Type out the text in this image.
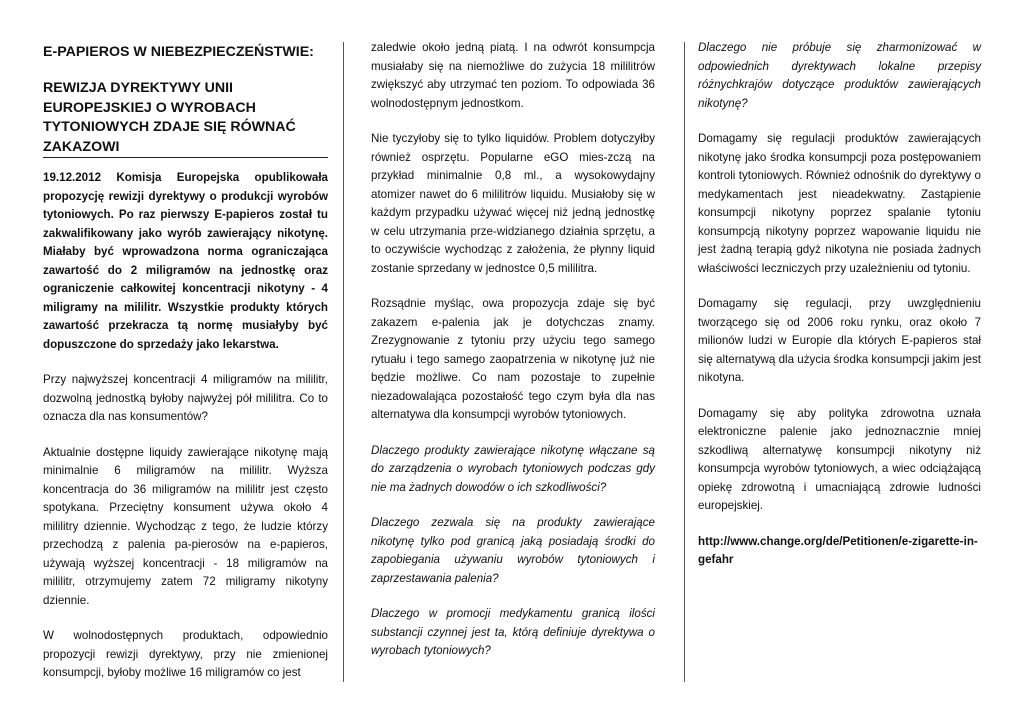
E-PAPIEROS W NIEBEZPIECZEŃSTWIE:
REWIZJA DYREKTYWY UNII EUROPEJSKIEJ O WYROBACH TYTONIOWYCH ZDAJE SIĘ RÓWNAĆ ZAKAZOWI

19.12.2012 Komisja Europejska opublikowała propozycję rewizji dyrektywy o produkcji wyrobów tytoniowych. Po raz pierwszy E-papieros został tu zakwalifikowany jako wyrób zawierający nikotynę. Miałaby być wprowadzona norma ograniczająca zawartość do 2 miligramów na jednostkę oraz ograniczenie całkowitej koncentracji nikotyny - 4 miligramy na mililitr. Wszystkie produkty których zawartość przekracza tą normę musiałyby być dopuszczone do sprzedaży jako lekarstwa.

Przy najwyższej koncentracji 4 miligramów na mililitr, dozwolną jednostką byłoby najwyżej pół mililitra. Co to oznacza dla nas konsumentów?

Aktualnie dostępne liquidy zawierające nikotynę mają minimalnie 6 miligramów na mililitr. Wyższa koncentracja do 36 miligramów na mililitr jest często spotykana. Przeciętny konsument używa około 4 mililitry dziennie. Wychodząc z tego, że ludzie którzy przechodzą z palenia pa-pierosów na e-papieros, używają wyższej koncentracji - 18 miligramów na mililitr, otrzymujemy zatem 72 miligramy nikotyny dziennie.

W wolnodostępnych produktach, odpowiednio propozycji rewizji dyrektywy, przy nie zmienionej konsumpcji, byłoby możliwe 16 miligramów co jest

zaledwie około jedną piatą. I na odwrót konsumpcja musiałaby się na niemożliwe do zużycia 18 mililitrów zwiększyć aby utrzymać ten poziom. To odpowiada 36 wolnodostępnym jednostkom.

Nie tyczyłoby się to tylko liquidów. Problem dotyczyłby również osprzętu. Popularne eGO mies-zczą na przykład minimalnie 0,8 ml., a wysokowydajny atomizer nawet do 6 mililitrów liquidu. Musiałoby się w każdym przypadku używać więcej niż jedną jednostkę w celu utrzymania prze-widzianego działnia sprzętu, a to oczywiście wychodząc z założenia, że płynny liquid zostanie sprzedany w jednostce 0,5 mililitra.

Rozsądnie myśląc, owa propozycja zdaje się być zakazem e-palenia jak je dotychczas znamy. Zrezygnowanie z tytoniu przy użyciu tego samego rytuału i tego samego zaopatrzenia w nikotynę już nie będzie możliwe. Co nam pozostaje to zupełnie niezadowalająca pozostałość tego czym była dla nas alternatywa dla konsumpcji wyrobów tytoniowych.

Dlaczego produkty zawierające nikotynę włączane są do zarządzenia o wyrobach tytoniowych podczas gdy nie ma żadnych dowodów o ich szkodliwości?

Dlaczego zezwala się na produkty zawierające nikotynę tylko pod granicą jaką posiadają środki do zapobiegania używaniu wyrobów tytoniowych i zaprzestawania palenia?

Dlaczego w promocji medykamentu granicą ilości substancji czynnej jest ta, którą definiuje dyrektywa o wyrobach tytoniowych?

Dlaczego nie próbuje się zharmonizować w odpowiednich dyrektywach lokalne przepisy różnychkrajów dotyczące produktów zawierających nikotynę?

Domagamy się regulacji produktów zawierających nikotynę jako środka konsumpcji poza postępowaniem kontroli tytoniowych. Również odnośnik do dyrektywy o medykamentach jest nieadekwatny. Zastąpienie konsumpcji nikotyny poprzez spalanie tytoniu konsumpcją nikotyny poprzez wapowanie liquidu nie jest żadną terapią gdyż nikotyna nie posiada żadnych właściwości leczniczych przy uzależnieniu od tytoniu.

Domagamy się regulacji, przy uwzględnieniu tworzącego się od 2006 roku rynku, oraz około 7 milionów ludzi w Europie dla których E-papieros stał się alternatywą dla użycia środka konsumpcji jakim jest nikotyna.

Domagamy się aby polityka zdrowotna uznała elektroniczne palenie jako jednoznacznie mniej szkodliwą alternatywę konsumpcji nikotyny niż konsumpcja wyrobów tytoniowych, a wiec odciążającą opiekę zdrowotną i umacniającą zdrowie ludności europejskiej.

http://www.change.org/de/Petitionen/e-zigarette-in-gefahr
